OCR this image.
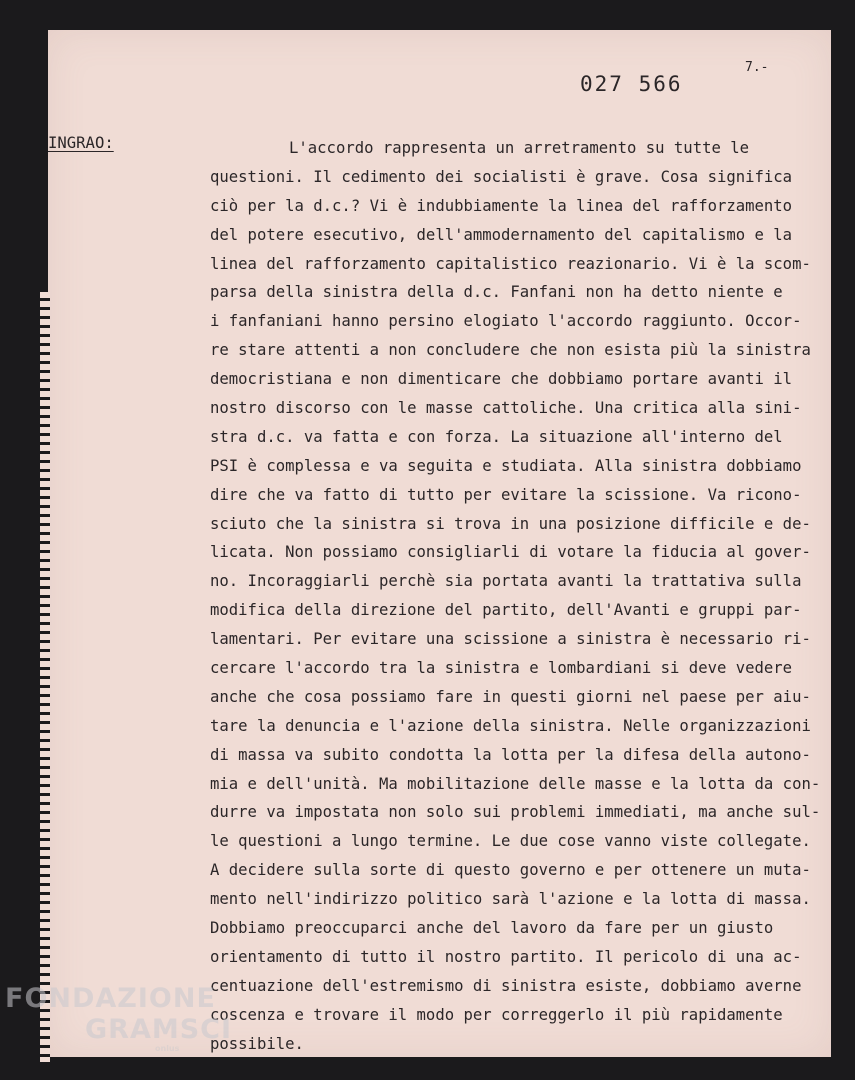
7.-
027 566
INGRAO:	L'accordo rappresenta un arretramento su tutte le
questioni. Il cedimento dei socialisti è grave. Cosa significa
ciò per la d.c.? Vi è indubbiamente la linea del rafforzamento
del potere esecutivo, dell'ammodernamento del capitalismo e la
linea del rafforzamento capitalistico reazionario. Vi è la scom-
parsa della sinistra della d.c. Fanfani non ha detto niente e
i fanfaniani hanno persino elogiato l'accordo raggiunto. Occor-
re stare attenti a non concludere che non esista più la sinistra
democristiana e non dimenticare che dobbiamo portare avanti il
nostro discorso con le masse cattoliche. Una critica alla sini-
stra d.c. va fatta e con forza. La situazione all'interno del
PSI è complessa e va seguita e studiata. Alla sinistra dobbiamo
dire che va fatto di tutto per evitare la scissione. Va ricono-
sciuto che la sinistra si trova in una posizione difficile e de-
licata. Non possiamo consigliarli di votare la fiducia al gover-
no. Incoraggiarli perchè sia portata avanti la trattativa sulla
modifica della direzione del partito, dell'Avanti e gruppi par-
lamentari. Per evitare una scissione a sinistra è necessario ri-
cercare l'accordo tra la sinistra e lombardiani si deve vedere
anche che cosa possiamo fare in questi giorni nel paese per aiu-
tare la denuncia e l'azione della sinistra. Nelle organizzazioni
di massa va subito condotta la lotta per la difesa della autono-
mia e dell'unità. Ma mobilitazione delle masse e la lotta da con-
durre va impostata non solo sui problemi immediati, ma anche sul-
le questioni a lungo termine. Le due cose vanno viste collegate.
A decidere sulla sorte di questo governo e per ottenere un muta-
mento nell'indirizzo politico sarà l'azione e la lotta di massa.
Dobbiamo preoccuparci anche del lavoro da fare per un giusto
orientamento di tutto il nostro partito. Il pericolo di una ac-
centuazione dell'estremismo di sinistra esiste, dobbiamo averne
coscenza e trovare il modo per correggerlo il più rapidamente
possibile.
FONDAZIONE
GRAMSCI
onlus
